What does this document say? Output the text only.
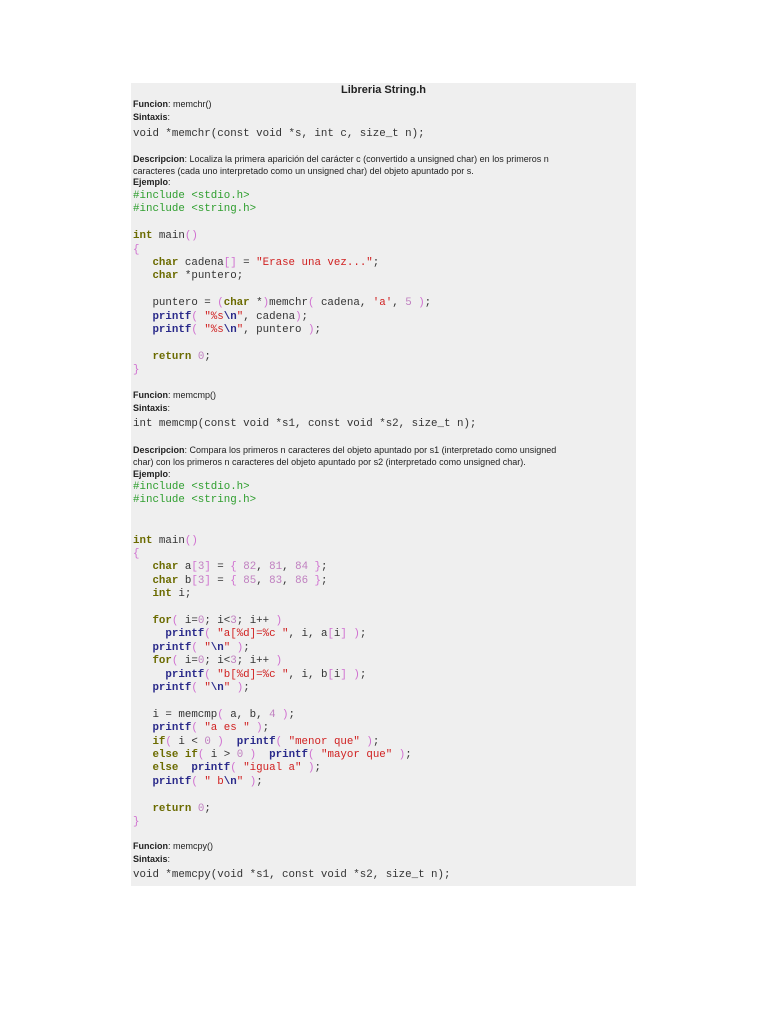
Libreria String.h
Funcion: memchr()
Sintaxis:
void *memchr(const void *s, int c, size_t n);
Descripcion: Localiza la primera aparición del carácter c (convertido a unsigned char) en los primeros n
caracteres (cada uno interpretado como un unsigned char) del objeto apuntado por s.
Ejemplo:
#include <stdio.h>
#include <string.h>
int main()
{
char cadena[] = "Erase una vez...";
char *puntero;
puntero = (char *)memchr( cadena, 'a', 5 );
printf( "%s\n", cadena);
printf( "%s\n", puntero );
return 0;
}
Funcion: memcmp()
Sintaxis:
int memcmp(const void *s1, const void *s2, size_t n);
Descripcion: Compara los primeros n caracteres del objeto apuntado por s1 (interpretado como unsigned
char) con los primeros n caracteres del objeto apuntado por s2 (interpretado como unsigned char).
Ejemplo:
#include <stdio.h>
#include <string.h>
int main()
{
char a[3] = { 82, 81, 84 };
char b[3] = { 85, 83, 86 };
int i;
for( i=0; i<3; i++ )
printf( "a[%d]=%c ", i, a[i] );
printf( "\n" );
for( i=0; i<3; i++ )
printf( "b[%d]=%c ", i, b[i] );
printf( "\n" );
i = memcmp( a, b, 4 );
printf( "a es " );
if( i < 0 ) printf( "menor que" );
else if( i > 0 ) printf( "mayor que" );
else printf( "igual a" );
printf( " b\n" );
return 0;
}
Funcion: memcpy()
Sintaxis:
void *memcpy(void *s1, const void *s2, size_t n);
